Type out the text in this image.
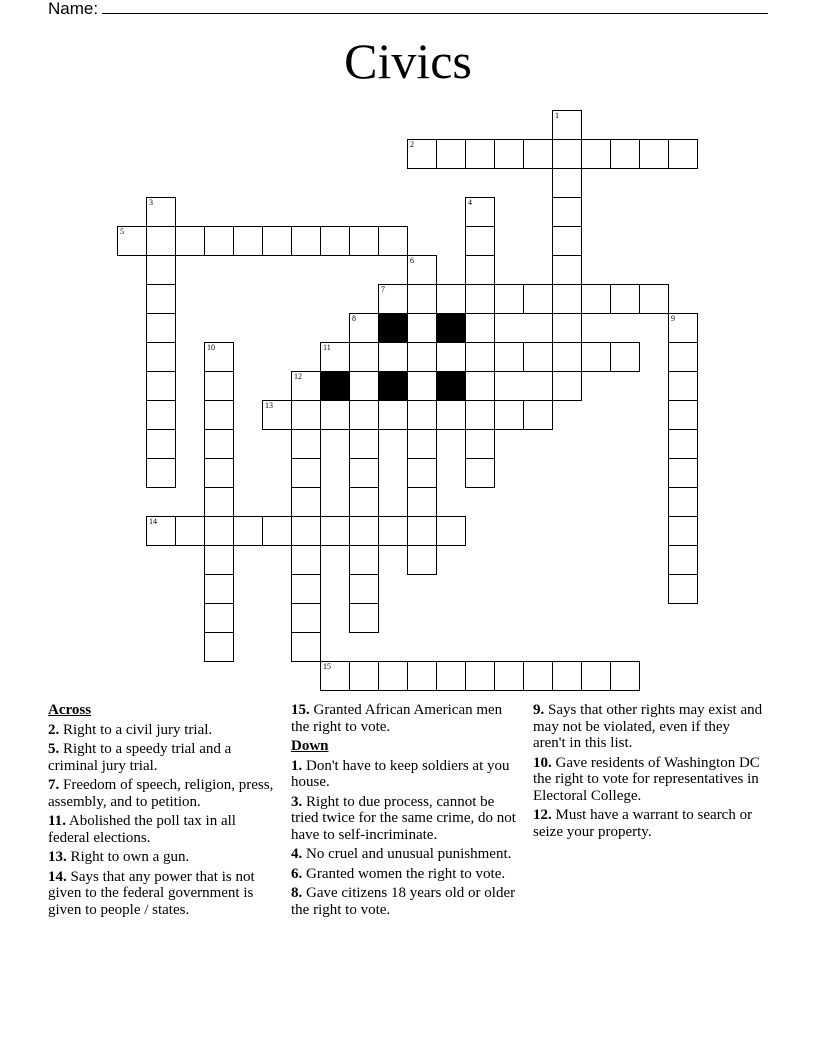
Name:
Civics
2
5
7
11
13
14
15
1
3	4
6
8	9
10
12
Across
2. Right to a civil jury trial.
5. Right to a speedy trial and a criminal jury trial.
7. Freedom of speech, religion, press, assembly, and to petition.
11. Abolished the poll tax in all federal elections.
13. Right to own a gun.
14. Says that any power that is not given to the federal government is given to people / states.
15. Granted African American men the right to vote.
Down
1. Don't have to keep soldiers at you house.
3. Right to due process, cannot be tried twice for the same crime, do not have to self-incriminate.
4. No cruel and unusual punishment.
6. Granted women the right to vote.
8. Gave citizens 18 years old or older the right to vote.
9. Says that other rights may exist and may not be violated, even if they aren't in this list.
10. Gave residents of Washington DC the right to vote for representatives in Electoral College.
12. Must have a warrant to search or seize your property.
